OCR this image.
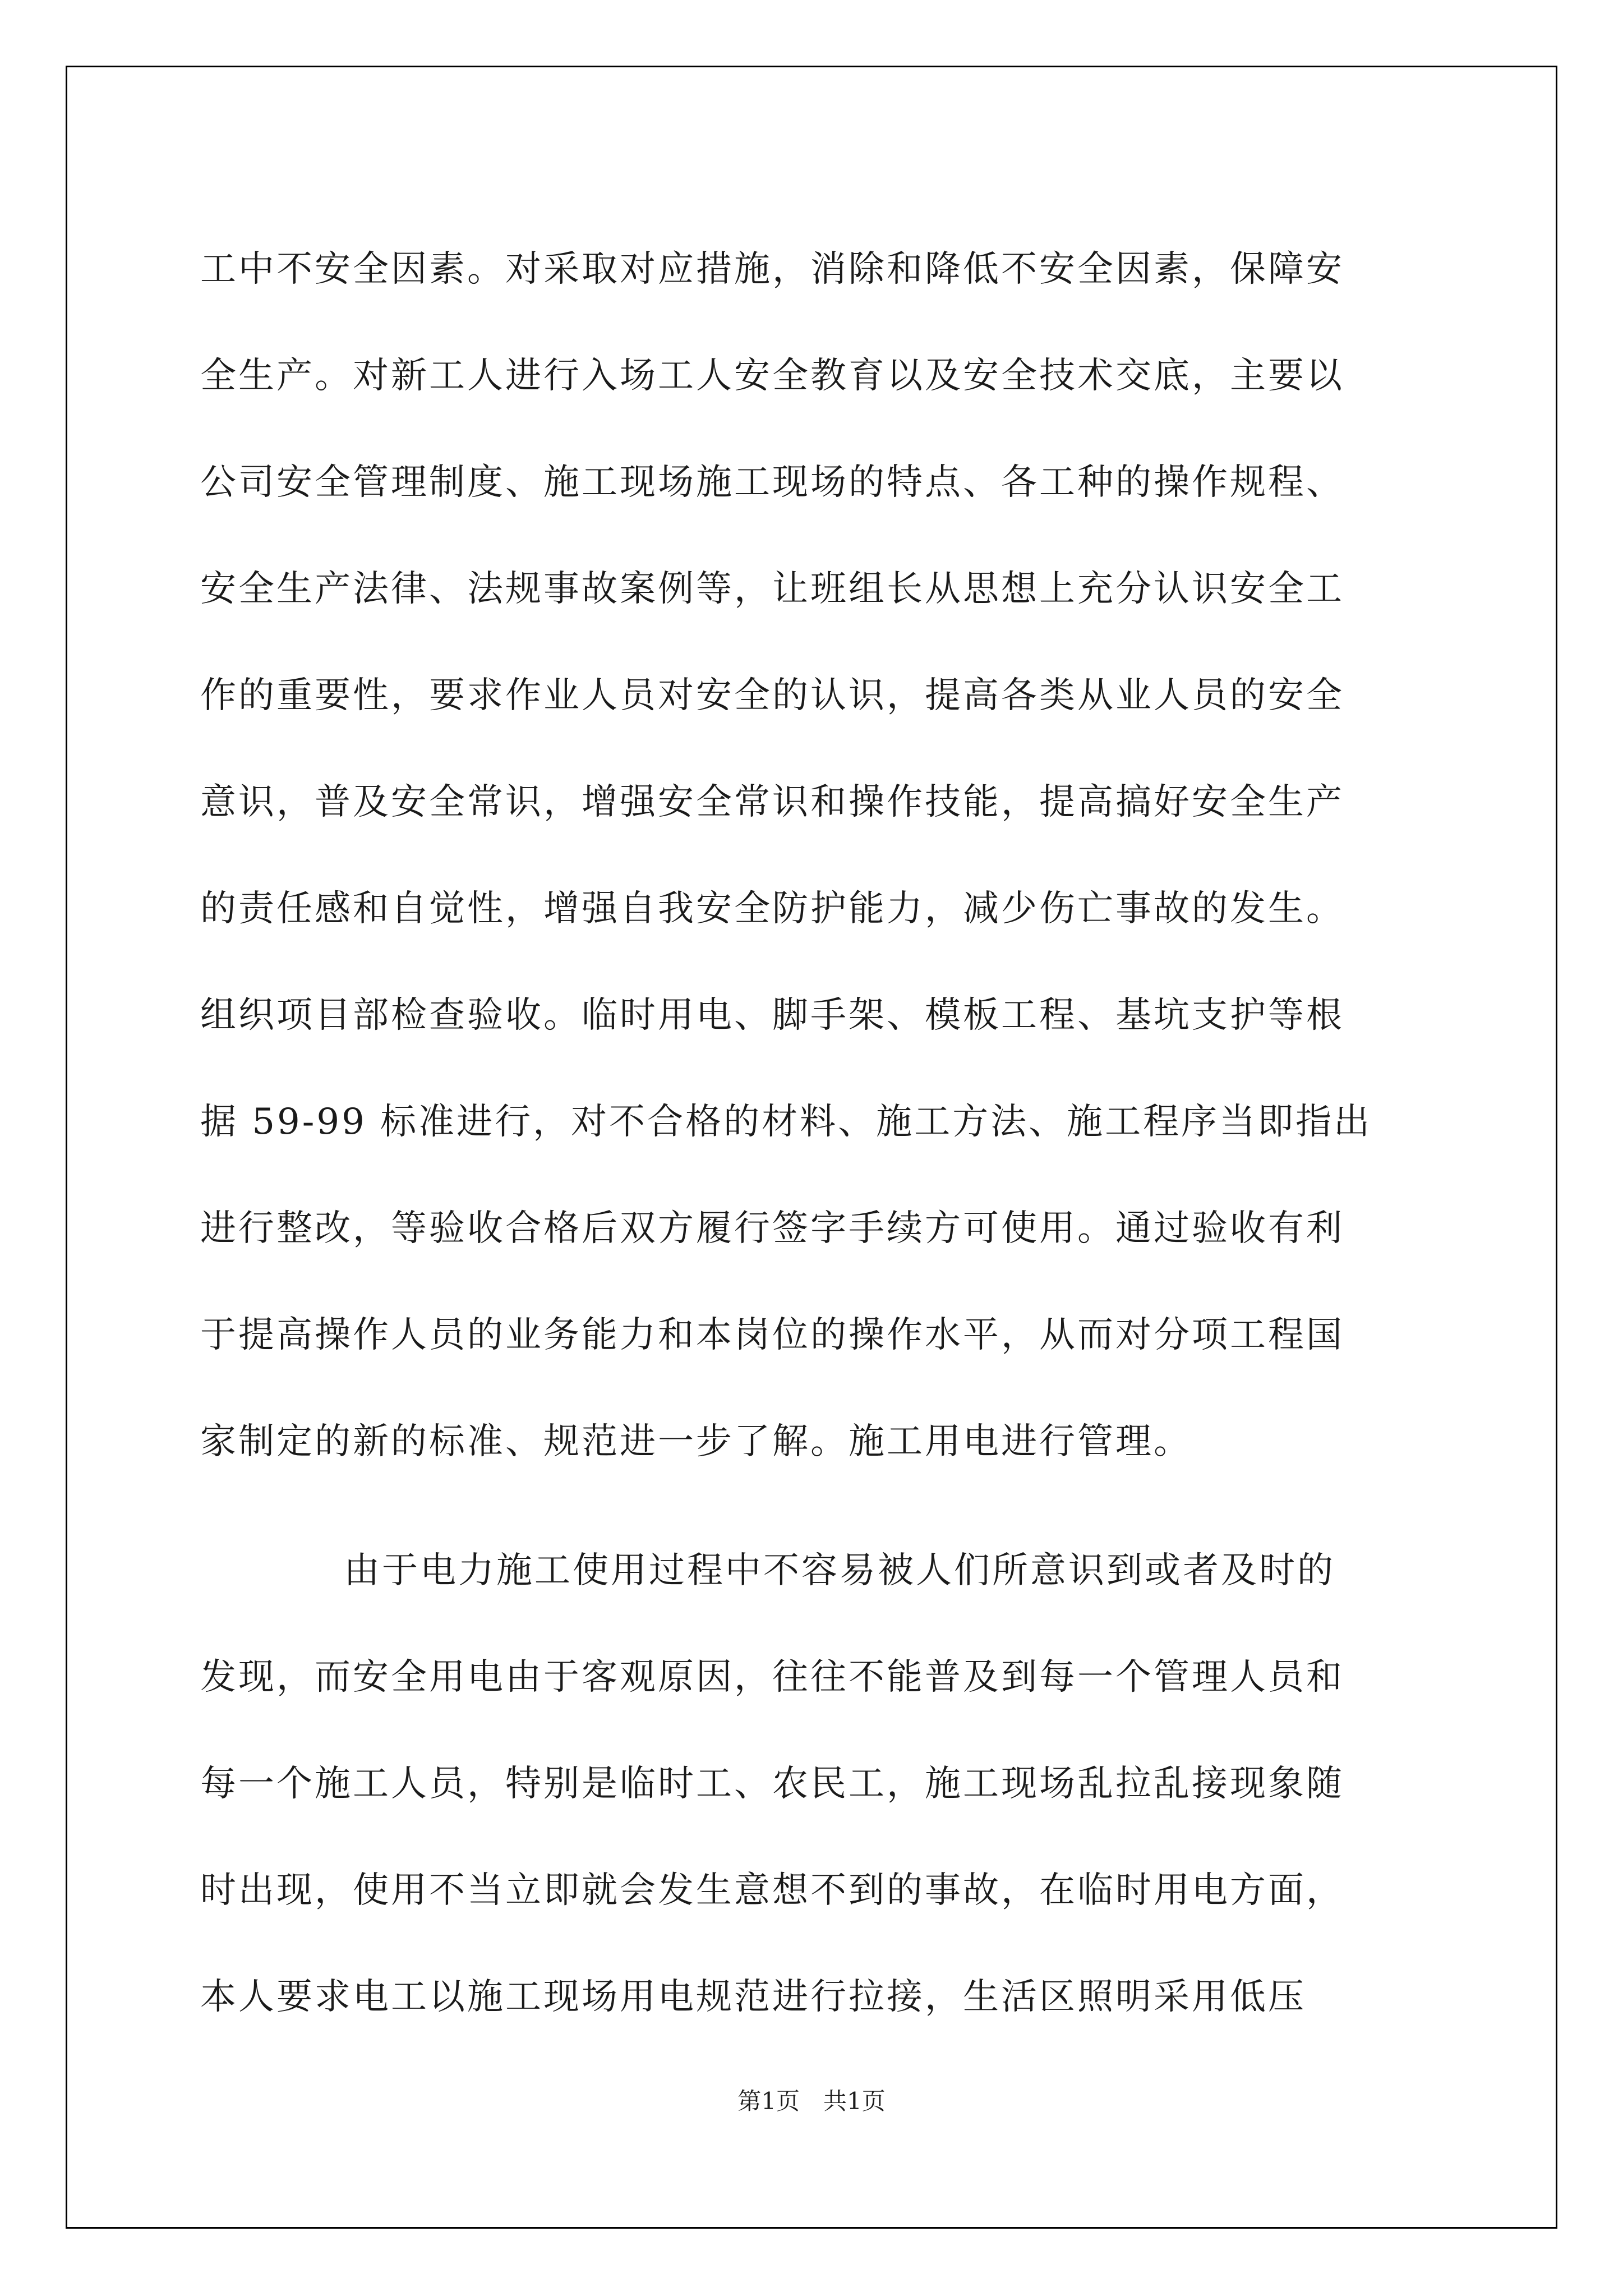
工中不安全因素。对采取对应措施，消除和降低不安全因素，保障安
全生产。对新工人进行入场工人安全教育以及安全技术交底，主要以
公司安全管理制度、施工现场施工现场的特点、各工种的操作规程、
安全生产法律、法规事故案例等，让班组长从思想上充分认识安全工
作的重要性，要求作业人员对安全的认识，提高各类从业人员的安全
意识，普及安全常识，增强安全常识和操作技能，提高搞好安全生产
的责任感和自觉性，增强自我安全防护能力，减少伤亡事故的发生。
组织项目部检查验收。临时用电、脚手架、模板工程、基坑支护等根
据 59-99 标准进行，对不合格的材料、施工方法、施工程序当即指出
进行整改，等验收合格后双方履行签字手续方可使用。通过验收有利
于提高操作人员的业务能力和本岗位的操作水平，从而对分项工程国
家制定的新的标准、规范进一步了解。施工用电进行管理。
由于电力施工使用过程中不容易被人们所意识到或者及时的
发现，而安全用电由于客观原因，往往不能普及到每一个管理人员和
每一个施工人员，特别是临时工、农民工，施工现场乱拉乱接现象随
时出现，使用不当立即就会发生意想不到的事故，在临时用电方面，
本人要求电工以施工现场用电规范进行拉接，生活区照明采用低压
第1页　共1页
